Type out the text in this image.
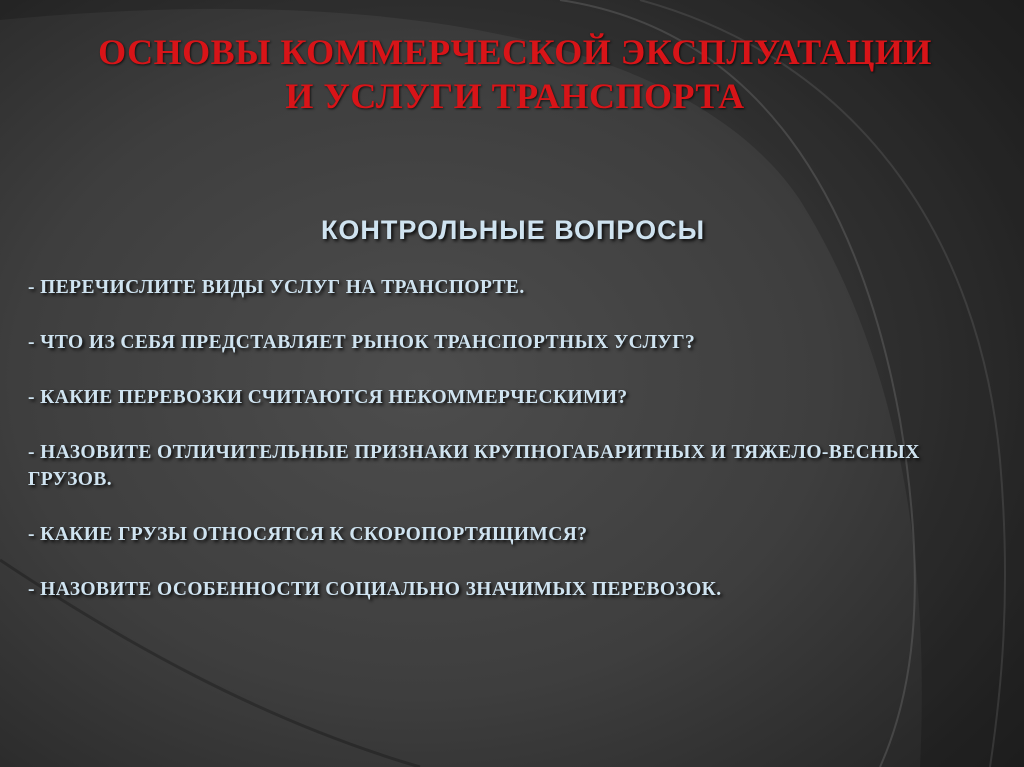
ОСНОВЫ КОММЕРЧЕСКОЙ ЭКСПЛУАТАЦИИ
И УСЛУГИ ТРАНСПОРТА
КОНТРОЛЬНЫЕ ВОПРОСЫ
- ПЕРЕЧИСЛИТЕ ВИДЫ УСЛУГ НА ТРАНСПОРТЕ.
- ЧТО ИЗ СЕБЯ ПРЕДСТАВЛЯЕТ РЫНОК ТРАНСПОРТНЫХ УСЛУГ?
- КАКИЕ ПЕРЕВОЗКИ СЧИТАЮТСЯ НЕКОММЕРЧЕСКИМИ?
- НАЗОВИТЕ ОТЛИЧИТЕЛЬНЫЕ ПРИЗНАКИ КРУПНОГАБАРИТНЫХ И ТЯЖЕЛО-ВЕСНЫХ ГРУЗОВ.
- КАКИЕ ГРУЗЫ ОТНОСЯТСЯ К СКОРОПОРТЯЩИМСЯ?
- НАЗОВИТЕ ОСОБЕННОСТИ СОЦИАЛЬНО ЗНАЧИМЫХ ПЕРЕВОЗОК.
